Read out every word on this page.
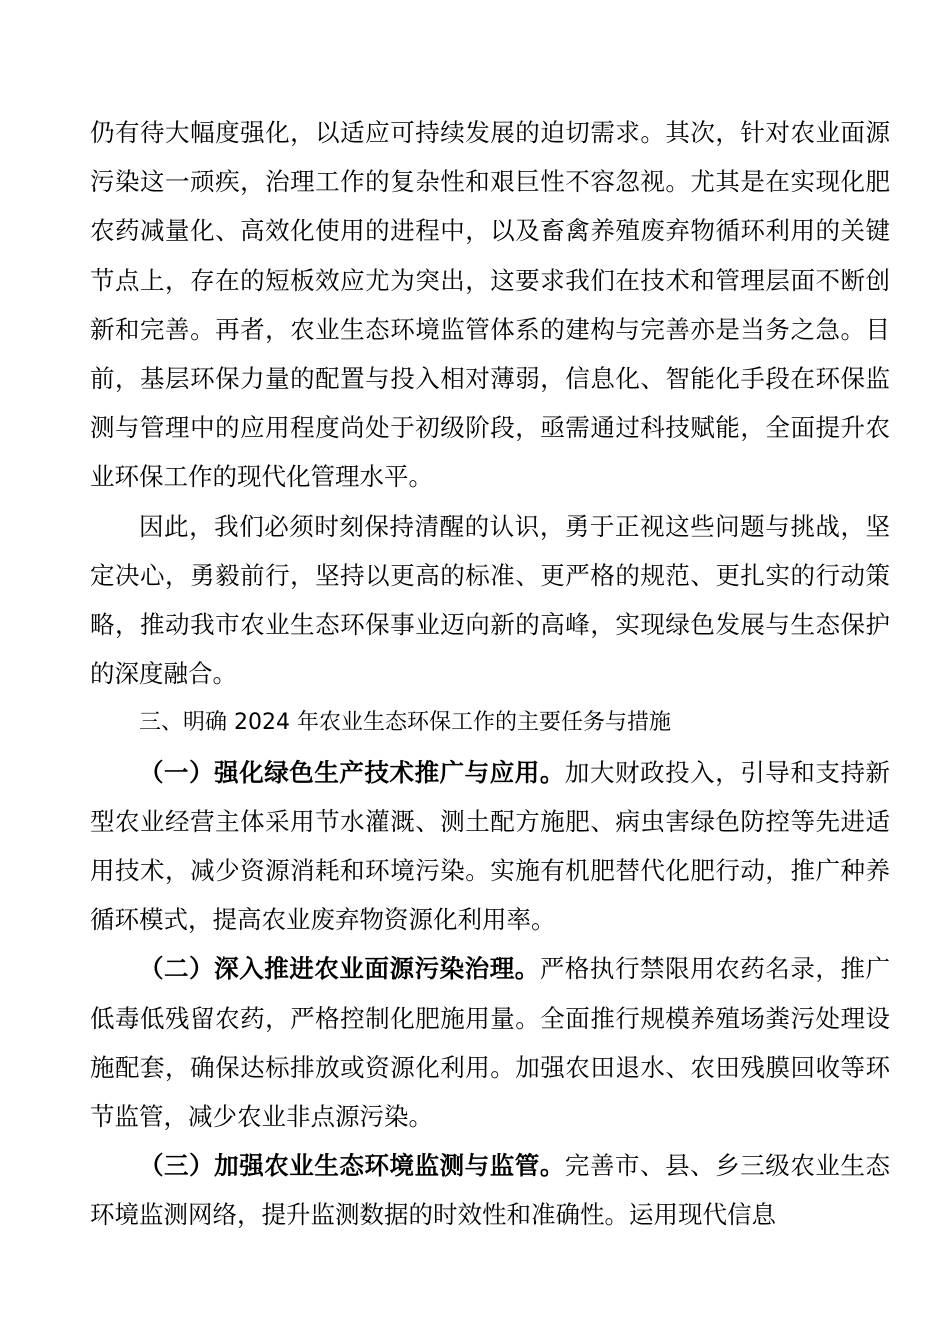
仍有待大幅度强化，以适应可持续发展的迫切需求。其次，针对农业面源污染这一顽疾，治理工作的复杂性和艰巨性不容忽视。尤其是在实现化肥农药减量化、高效化使用的进程中，以及畜禽养殖废弃物循环利用的关键节点上，存在的短板效应尤为突出，这要求我们在技术和管理层面不断创新和完善。再者，农业生态环境监管体系的建构与完善亦是当务之急。目前，基层环保力量的配置与投入相对薄弱，信息化、智能化手段在环保监测与管理中的应用程度尚处于初级阶段，亟需通过科技赋能，全面提升农业环保工作的现代化管理水平。

因此，我们必须时刻保持清醒的认识，勇于正视这些问题与挑战，坚定决心，勇毅前行，坚持以更高的标准、更严格的规范、更扎实的行动策略，推动我市农业生态环保事业迈向新的高峰，实现绿色发展与生态保护的深度融合。

三、明确 2024 年农业生态环保工作的主要任务与措施

（一）强化绿色生产技术推广与应用。加大财政投入，引导和支持新型农业经营主体采用节水灌溉、测土配方施肥、病虫害绿色防控等先进适用技术，减少资源消耗和环境污染。实施有机肥替代化肥行动，推广种养循环模式，提高农业废弃物资源化利用率。

（二）深入推进农业面源污染治理。严格执行禁限用农药名录，推广低毒低残留农药，严格控制化肥施用量。全面推行规模养殖场粪污处理设施配套，确保达标排放或资源化利用。加强农田退水、农田残膜回收等环节监管，减少农业非点源污染。

（三）加强农业生态环境监测与监管。完善市、县、乡三级农业生态环境监测网络，提升监测数据的时效性和准确性。运用现代信息
